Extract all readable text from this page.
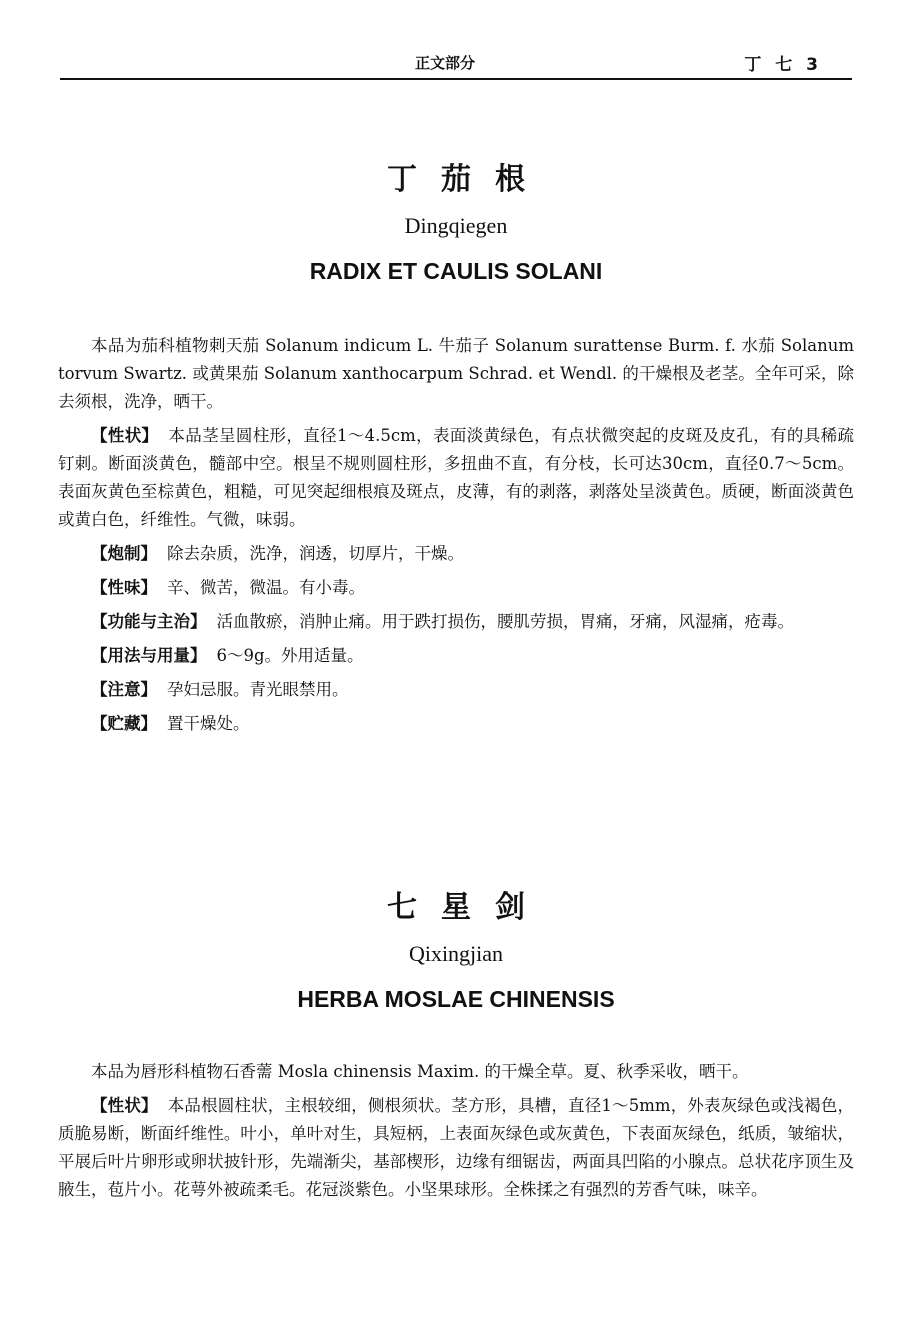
正文部分	丁 七 3
丁茄根
Dingqiegen
RADIX ET CAULIS SOLANI

本品为茄科植物刺天茄 Solanum indicum L. 牛茄子 Solanum surattense Burm. f. 水茄 Solanum torvum Swartz. 或黄果茄 Solanum xanthocarpum Schrad. et Wendl. 的干燥根及老茎。全年可采，除去须根，洗净，晒干。

【性状】 本品茎呈圆柱形，直径1～4.5cm，表面淡黄绿色，有点状微突起的皮斑及皮孔，有的具稀疏钉刺。断面淡黄色，髓部中空。根呈不规则圆柱形，多扭曲不直，有分枝，长可达30cm，直径0.7～5cm。表面灰黄色至棕黄色，粗糙，可见突起细根痕及斑点，皮薄，有的剥落，剥落处呈淡黄色。质硬，断面淡黄色或黄白色，纤维性。气微，味弱。

【炮制】 除去杂质，洗净，润透，切厚片，干燥。

【性味】 辛、微苦，微温。有小毒。

【功能与主治】 活血散瘀，消肿止痛。用于跌打损伤，腰肌劳损，胃痛，牙痛，风湿痛，疮毒。

【用法与用量】 6～9g。外用适量。

【注意】 孕妇忌服。青光眼禁用。

【贮藏】 置干燥处。

七星剑
Qixingjian
HERBA MOSLAE CHINENSIS

本品为唇形科植物石香薷 Mosla chinensis Maxim. 的干燥全草。夏、秋季采收，晒干。

【性状】 本品根圆柱状，主根较细，侧根须状。茎方形，具槽，直径1～5mm，外表灰绿色或浅褐色，质脆易断，断面纤维性。叶小，单叶对生，具短柄，上表面灰绿色或灰黄色，下表面灰绿色，纸质，皱缩状，平展后叶片卵形或卵状披针形，先端渐尖，基部楔形，边缘有细锯齿，两面具凹陷的小腺点。总状花序顶生及腋生，苞片小。花萼外被疏柔毛。花冠淡紫色。小坚果球形。全株揉之有强烈的芳香气味，味辛。
